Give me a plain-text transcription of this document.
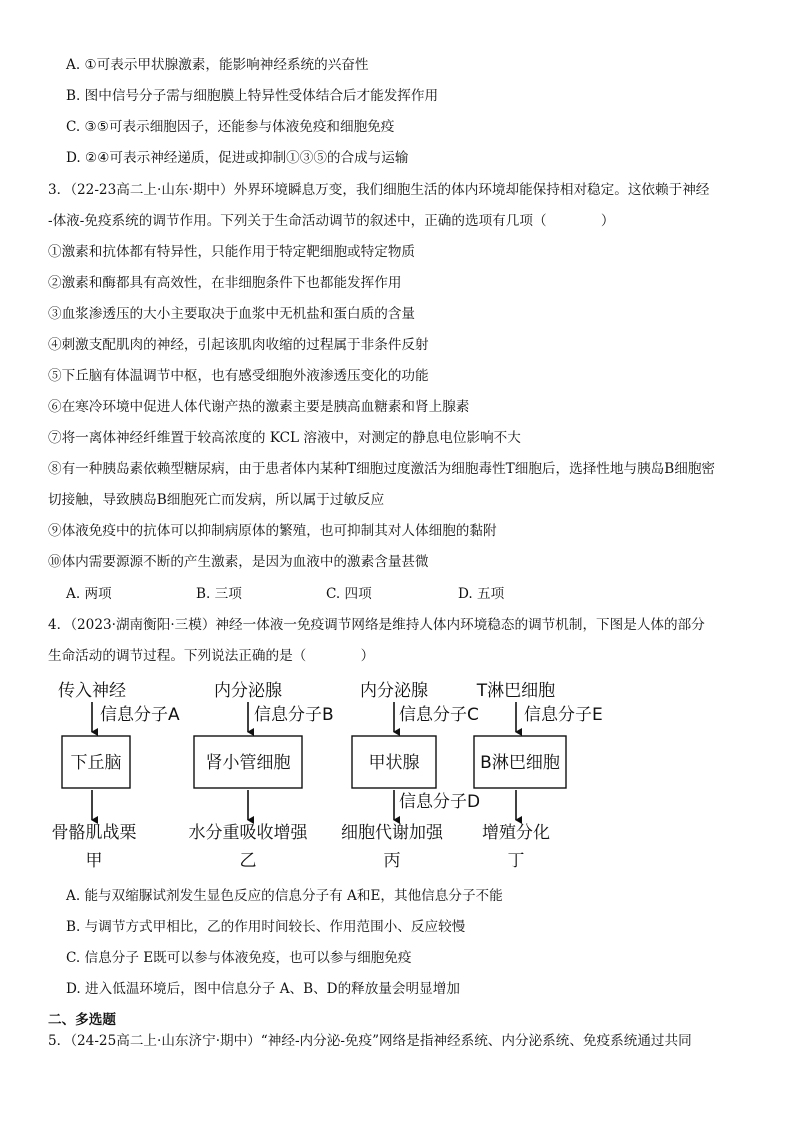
A. ①可表示甲状腺激素，能影响神经系统的兴奋性
B. 图中信号分子需与细胞膜上特异性受体结合后才能发挥作用
C. ③⑤可表示细胞因子，还能参与体液免疫和细胞免疫
D. ②④可表示神经递质，促进或抑制①③⑤的合成与运输
3．（22-23高二上·山东·期中）外界环境瞬息万变，我们细胞生活的体内环境却能保持相对稳定。这依赖于神经
-体液-免疫系统的调节作用。下列关于生命活动调节的叙述中，正确的选项有几项（　　　　）
①激素和抗体都有特异性，只能作用于特定靶细胞或特定物质
②激素和酶都具有高效性，在非细胞条件下也都能发挥作用
③血浆渗透压的大小主要取决于血浆中无机盐和蛋白质的含量
④刺激支配肌肉的神经，引起该肌肉收缩的过程属于非条件反射
⑤下丘脑有体温调节中枢，也有感受细胞外液渗透压变化的功能
⑥在寒冷环境中促进人体代谢产热的激素主要是胰高血糖素和肾上腺素
⑦将一离体神经纤维置于较高浓度的 KCL 溶液中，对测定的静息电位影响不大
⑧有一种胰岛素依赖型糖尿病，由于患者体内某种T细胞过度激活为细胞毒性T细胞后，选择性地与胰岛B细胞密
切接触，导致胰岛B细胞死亡而发病，所以属于过敏反应
⑨体液免疫中的抗体可以抑制病原体的繁殖，也可抑制其对人体细胞的黏附
⑩体内需要源源不断的产生激素，是因为血液中的激素含量甚微
A. 两项	B. 三项	C. 四项	D. 五项
4．（2023·湖南衡阳·三模）神经一体液一免疫调节网络是维持人体内环境稳态的调节机制，下图是人体的部分
生命活动的调节过程。下列说法正确的是（　　　　）
传入神经	内分泌腺	内分泌腺	T淋巴细胞
信息分子A	信息分子B	信息分子C	信息分子E
下丘脑	肾小管细胞	甲状腺	B淋巴细胞
信息分子D
骨骼肌战栗	水分重吸收增强 细胞代谢加强 增殖分化
甲	乙	丙	丁
A. 能与双缩脲试剂发生显色反应的信息分子有 A和E，其他信息分子不能
B. 与调节方式甲相比，乙的作用时间较长、作用范围小、反应较慢
C. 信息分子 E既可以参与体液免疫，也可以参与细胞免疫
D. 进入低温环境后，图中信息分子 A、B、D的释放量会明显增加
二、多选题
5．（24-25高二上·山东济宁·期中）“神经-内分泌-免疫”网络是指神经系统、内分泌系统、免疫系统通过共同
